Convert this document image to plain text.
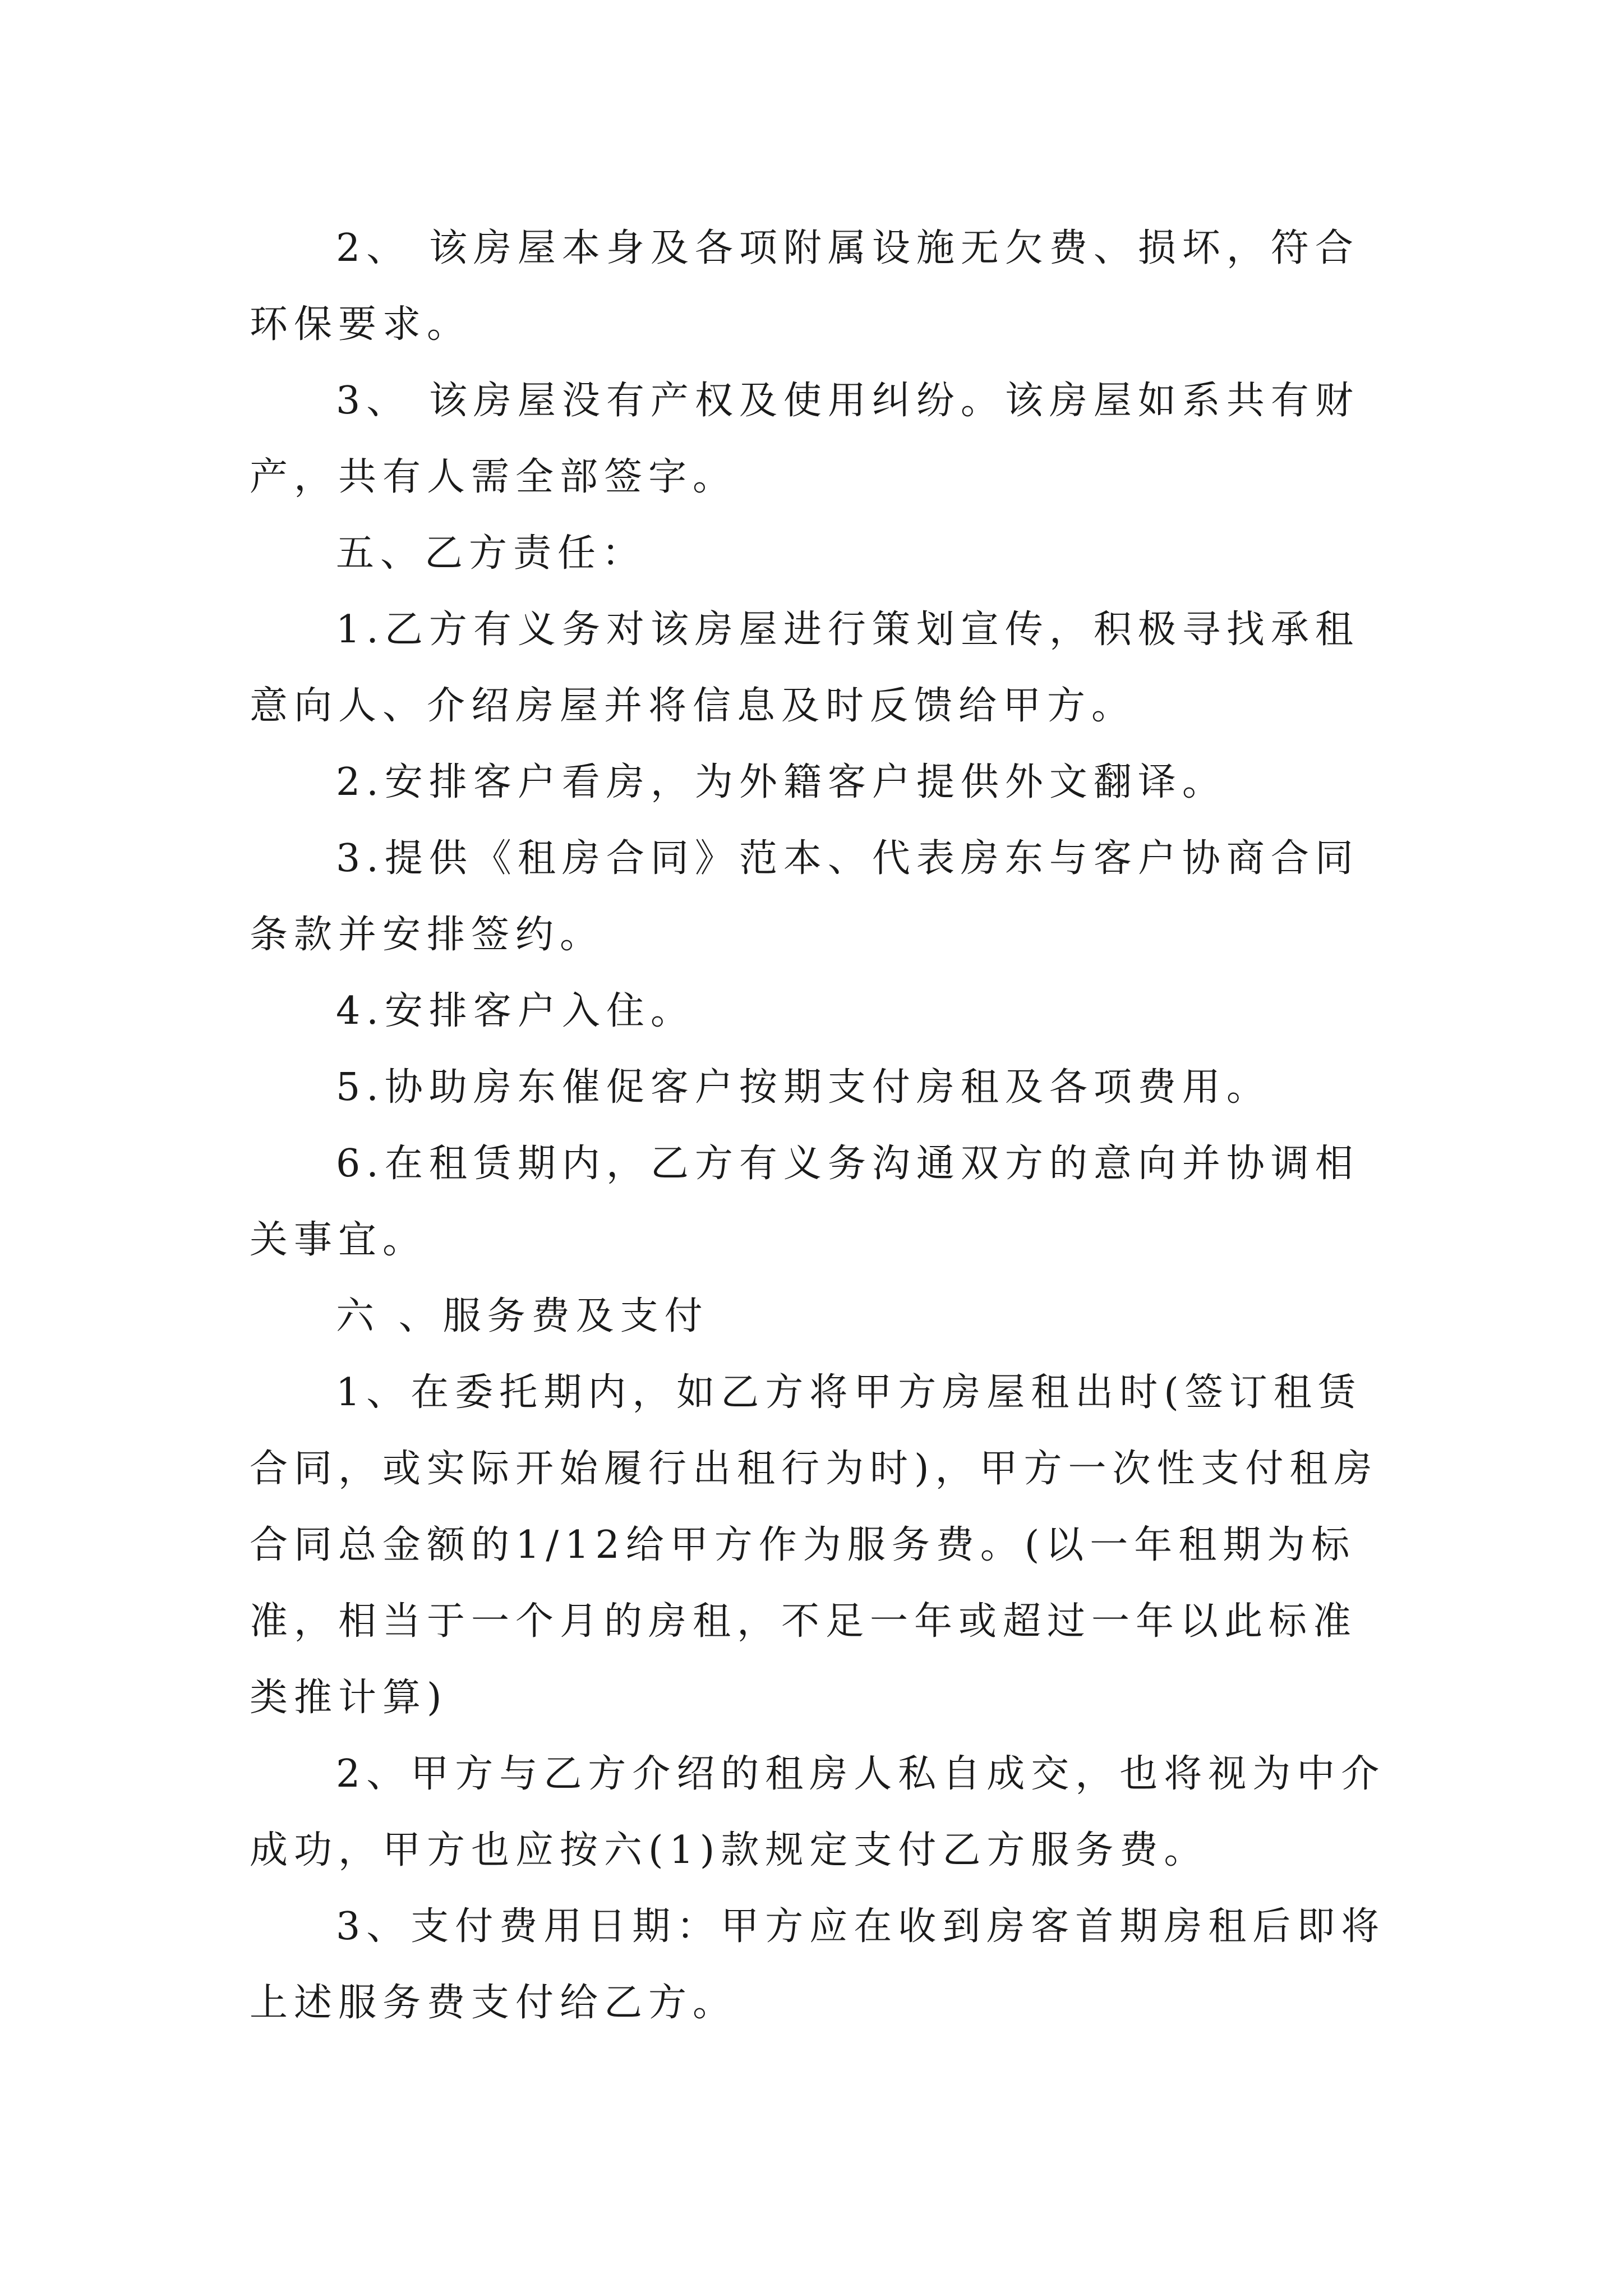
2、 该房屋本身及各项附属设施无欠费、损坏，符合环保要求。

3、 该房屋没有产权及使用纠纷。该房屋如系共有财产，共有人需全部签字。

五、乙方责任：

1.乙方有义务对该房屋进行策划宣传，积极寻找承租意向人、介绍房屋并将信息及时反馈给甲方。

2.安排客户看房，为外籍客户提供外文翻译。

3.提供《租房合同》范本、代表房东与客户协商合同条款并安排签约。

4.安排客户入住。

5.协助房东催促客户按期支付房租及各项费用。

6.在租赁期内，乙方有义务沟通双方的意向并协调相关事宜。

六 、服务费及支付

1、在委托期内，如乙方将甲方房屋租出时(签订租赁合同，或实际开始履行出租行为时)，甲方一次性支付租房合同总金额的1/12给甲方作为服务费。(以一年租期为标准，相当于一个月的房租，不足一年或超过一年以此标准类推计算)

2、甲方与乙方介绍的租房人私自成交，也将视为中介成功，甲方也应按六(1)款规定支付乙方服务费。

3、支付费用日期：甲方应在收到房客首期房租后即将上述服务费支付给乙方。
